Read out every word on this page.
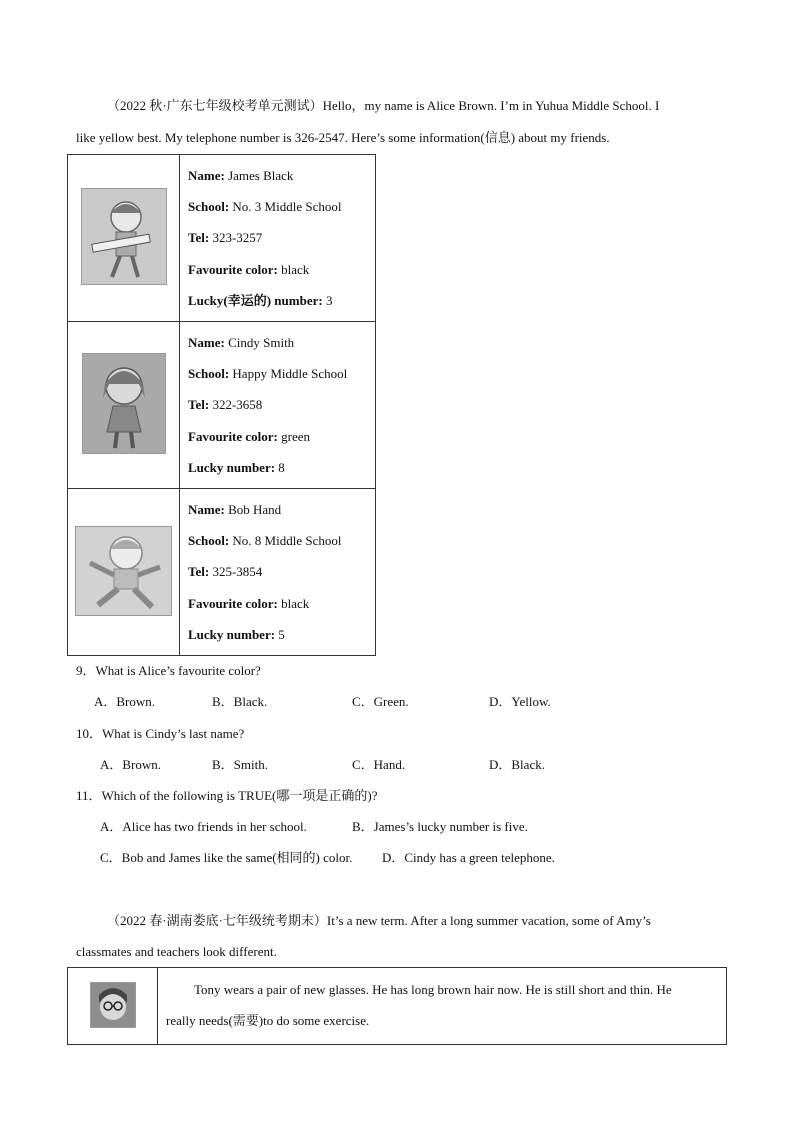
（2022 秋·广东七年级校考单元测试）Hello，my name is Alice Brown. I’m in Yuhua Middle School. I
like yellow best. My telephone number is 326-2547. Here’s some information(信息) about my friends.

Name: James Black
School: No. 3 Middle School
Tel: 323-3257
Favourite color: black
Lucky(幸运的) number: 3

Name: Cindy Smith
School: Happy Middle School
Tel: 322-3658
Favourite color: green
Lucky number: 8

Name: Bob Hand
School: No. 8 Middle School
Tel: 325-3854
Favourite color: black
Lucky number: 5
9．What is Alice’s favourite color?
A．Brown.	B．Black.	C．Green.	D．Yellow.
10．What is Cindy’s last name?
A．Brown.	B．Smith.	C．Hand.	D．Black.
11．Which of the following is TRUE(哪一项是正确的)?
A．Alice has two friends in her school.	B．James’s lucky number is five.
C．Bob and James like the same(相同的) color. D．Cindy has a green telephone.
（2022 春·湖南娄底·七年级统考期末）It’s a new term. After a long summer vacation, some of Amy’s
classmates and teachers look different.

Tony wears a pair of new glasses. He has long brown hair now. He is still short and thin. He
really needs(需要)to do some exercise.
